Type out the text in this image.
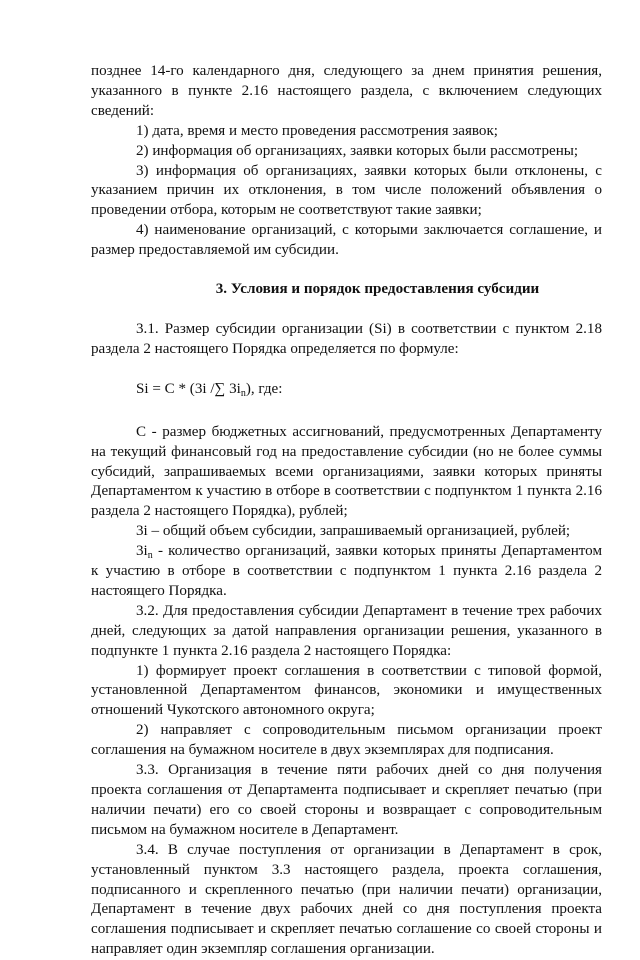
позднее 14-го календарного дня, следующего за днем принятия решения, указанного в пункте 2.16 настоящего раздела, с включением следующих сведений:

1) дата, время и место проведения рассмотрения заявок;

2) информация об организациях, заявки которых были рассмотрены;

3) информация об организациях, заявки которых были отклонены, с указанием причин их отклонения, в том числе положений объявления о проведении отбора, которым не соответствуют такие заявки;

4) наименование организаций, с которыми заключается соглашение, и размер предоставляемой им субсидии.

3. Условия и порядок предоставления субсидии

3.1. Размер субсидии организации (Si) в соответствии с пунктом 2.18 раздела 2 настоящего Порядка определяется по формуле:

Si = C * (3i /∑ $3i_n$), где:

C - размер бюджетных ассигнований, предусмотренных Департаменту на текущий финансовый год на предоставление субсидии (но не более суммы субсидий, запрашиваемых всеми организациями, заявки которых приняты Департаментом к участию в отборе в соответствии с подпунктом 1 пункта 2.16 раздела 2 настоящего Порядка), рублей;

3i – общий объем субсидии, запрашиваемый организацией, рублей;

$3i_n$ - количество организаций, заявки которых приняты Департаментом к участию в отборе в соответствии с подпунктом 1 пункта 2.16 раздела 2 настоящего Порядка.

3.2. Для предоставления субсидии Департамент в течение трех рабочих дней, следующих за датой направления организации решения, указанного в подпункте 1 пункта 2.16 раздела 2 настоящего Порядка:

1) формирует проект соглашения в соответствии с типовой формой, установленной Департаментом финансов, экономики и имущественных отношений Чукотского автономного округа;

2) направляет с сопроводительным письмом организации проект соглашения на бумажном носителе в двух экземплярах для подписания.

3.3. Организация в течение пяти рабочих дней со дня получения проекта соглашения от Департамента подписывает и скрепляет печатью (при наличии печати) его со своей стороны и возвращает с сопроводительным письмом на бумажном носителе в Департамент.

3.4. В случае поступления от организации в Департамент в срок, установленный пунктом 3.3 настоящего раздела, проекта соглашения, подписанного и скрепленного печатью (при наличии печати) организации, Департамент в течение двух рабочих дней со дня поступления проекта соглашения подписывает и скрепляет печатью соглашение со своей стороны и направляет один экземпляр соглашения организации.
